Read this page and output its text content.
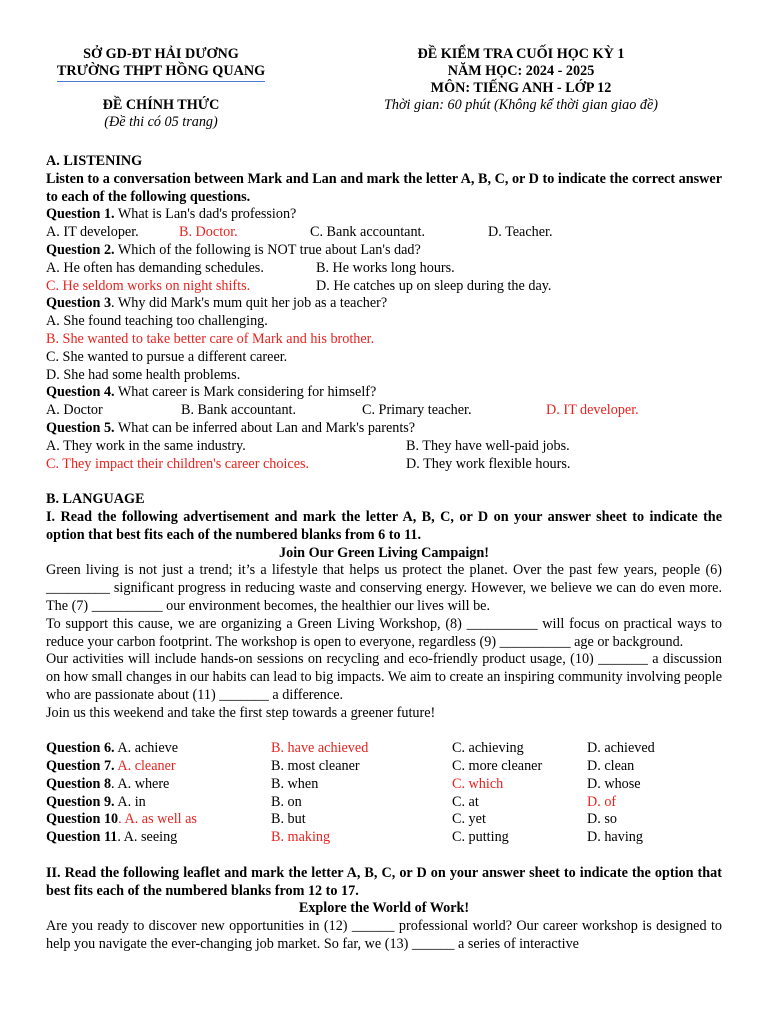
SỞ GD-ĐT HẢI DƯƠNG
TRƯỜNG THPT HỒNG QUANG
ĐỀ CHÍNH THỨC
(Đề thi có 05 trang)
ĐỀ KIỂM TRA CUỐI HỌC KỲ 1
NĂM HỌC: 2024 - 2025
MÔN: TIẾNG ANH - LỚP 12
Thời gian: 60 phút (Không kể thời gian giao đề)
A. LISTENING
Listen to a conversation between Mark and Lan and mark the letter A, B, C, or D to indicate the correct answer to each of the following questions.
Question 1. What is Lan's dad's profession?
A. IT developer.	B. Doctor.	C. Bank accountant.	D. Teacher.
Question 2. Which of the following is NOT true about Lan's dad?
A. He often has demanding schedules.	B. He works long hours.
C. He seldom works on night shifts.	D. He catches up on sleep during the day.
Question 3. Why did Mark's mum quit her job as a teacher?
A. She found teaching too challenging.
B. She wanted to take better care of Mark and his brother.
C. She wanted to pursue a different career.
D. She had some health problems.
Question 4. What career is Mark considering for himself?
A. Doctor	B. Bank accountant.	C. Primary teacher.	D. IT developer.
Question 5. What can be inferred about Lan and Mark's parents?
A. They work in the same industry.	B. They have well-paid jobs.
C. They impact their children's career choices.	D. They work flexible hours.
B. LANGUAGE
I. Read the following advertisement and mark the letter A, B, C, or D on your answer sheet to indicate the option that best fits each of the numbered blanks from 6 to 11.
Join Our Green Living Campaign!
Green living is not just a trend; it’s a lifestyle that helps us protect the planet. Over the past few years, people (6) _________ significant progress in reducing waste and conserving energy. However, we believe we can do even more. The (7) __________ our environment becomes, the healthier our lives will be.
To support this cause, we are organizing a Green Living Workshop, (8) __________ will focus on practical ways to reduce your carbon footprint. The workshop is open to everyone, regardless (9) __________ age or background.
Our activities will include hands-on sessions on recycling and eco-friendly product usage, (10) _______ a discussion on how small changes in our habits can lead to big impacts. We aim to create an inspiring community involving people who are passionate about (11) _______ a difference.
Join us this weekend and take the first step towards a greener future!
Question 6. A. achieve	B. have achieved	C. achieving	D. achieved
Question 7. A. cleaner	B. most cleaner	C. more cleaner	D. clean
Question 8. A. where	B. when	C. which	D. whose
Question 9. A. in	B. on	C. at	D. of
Question 10. A. as well as	B. but	C. yet	D. so
Question 11. A. seeing	B. making	C. putting	D. having
II. Read the following leaflet and mark the letter A, B, C, or D on your answer sheet to indicate the option that best fits each of the numbered blanks from 12 to 17.
Explore the World of Work!
Are you ready to discover new opportunities in (12) ______ professional world? Our career workshop is designed to help you navigate the ever-changing job market. So far, we (13) ______ a series of interactive
